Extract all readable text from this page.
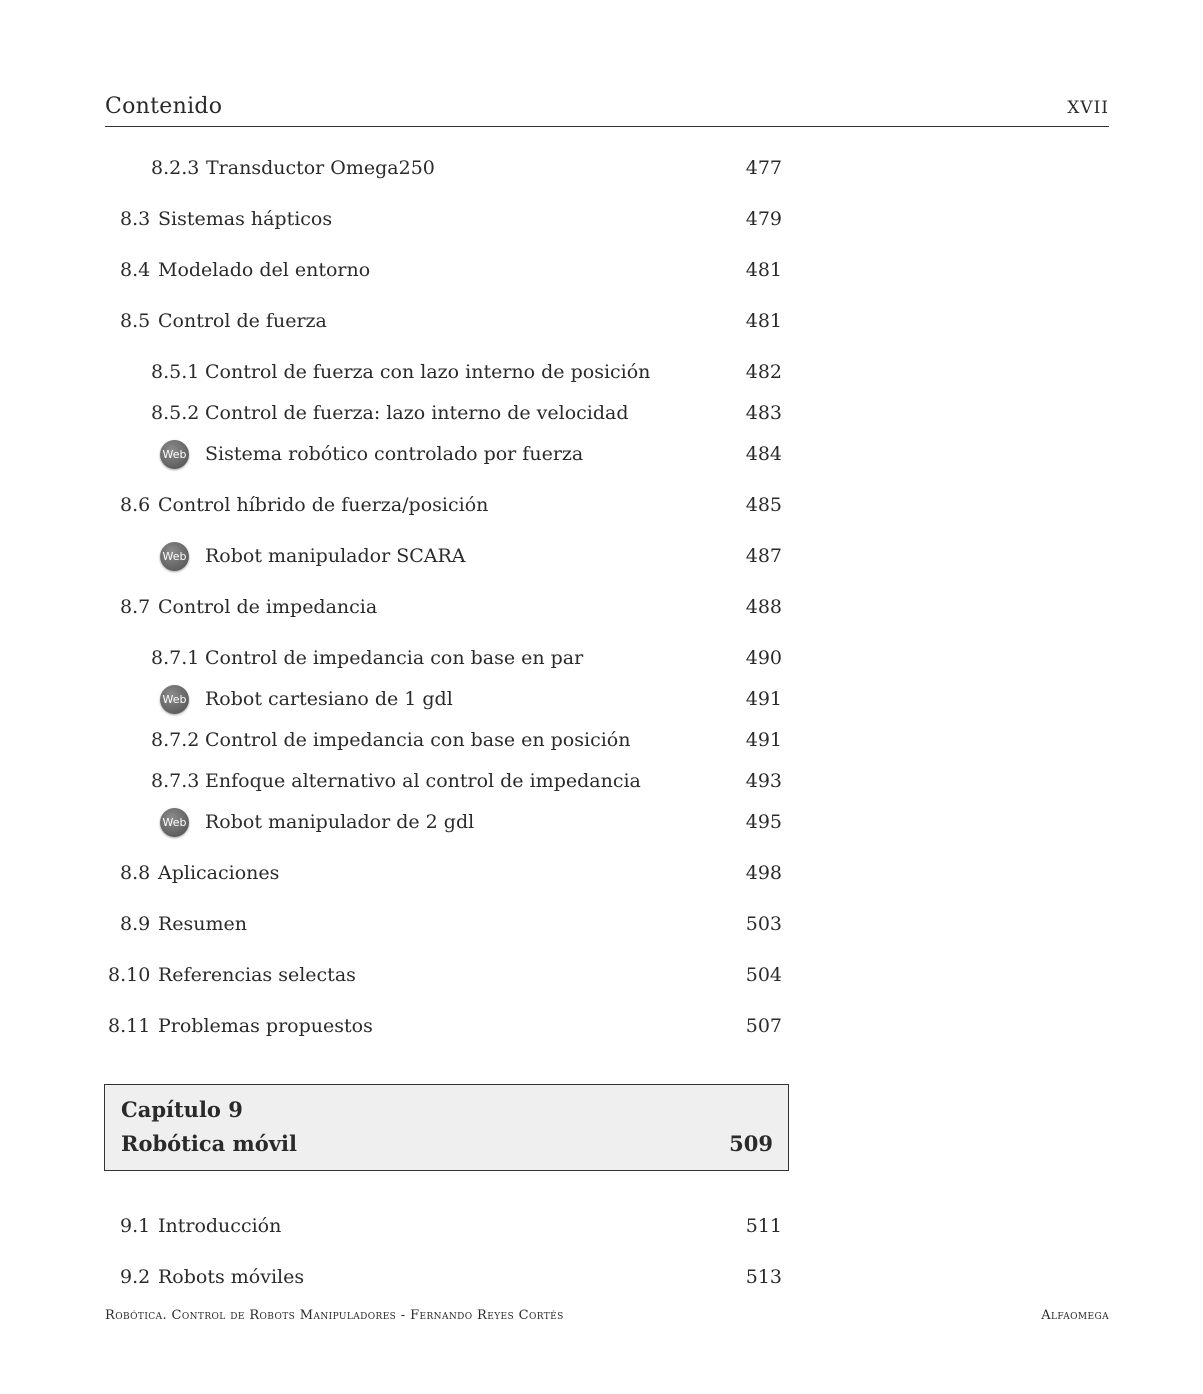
Contenido	XVII
8.2.3 Transductor Omega250	477
8.3 Sistemas hápticos	479
8.4 Modelado del entorno	481
8.5 Control de fuerza	481
8.5.1 Control de fuerza con lazo interno de posición	482
8.5.2 Control de fuerza: lazo interno de velocidad	483
Web Sistema robótico controlado por fuerza	484
8.6 Control híbrido de fuerza/posición	485
Web Robot manipulador SCARA	487
8.7 Control de impedancia	488
8.7.1 Control de impedancia con base en par	490
Web Robot cartesiano de 1 gdl	491
8.7.2 Control de impedancia con base en posición	491
8.7.3 Enfoque alternativo al control de impedancia	493
Web Robot manipulador de 2 gdl	495
8.8 Aplicaciones	498
8.9 Resumen	503
8.10 Referencias selectas	504
8.11 Problemas propuestos	507
Capítulo 9
Robótica móvil	509
9.1 Introducción	511
9.2 Robots móviles	513
Robótica. Control de Robots Manipuladores - Fernando Reyes Cortés	Alfaomega
